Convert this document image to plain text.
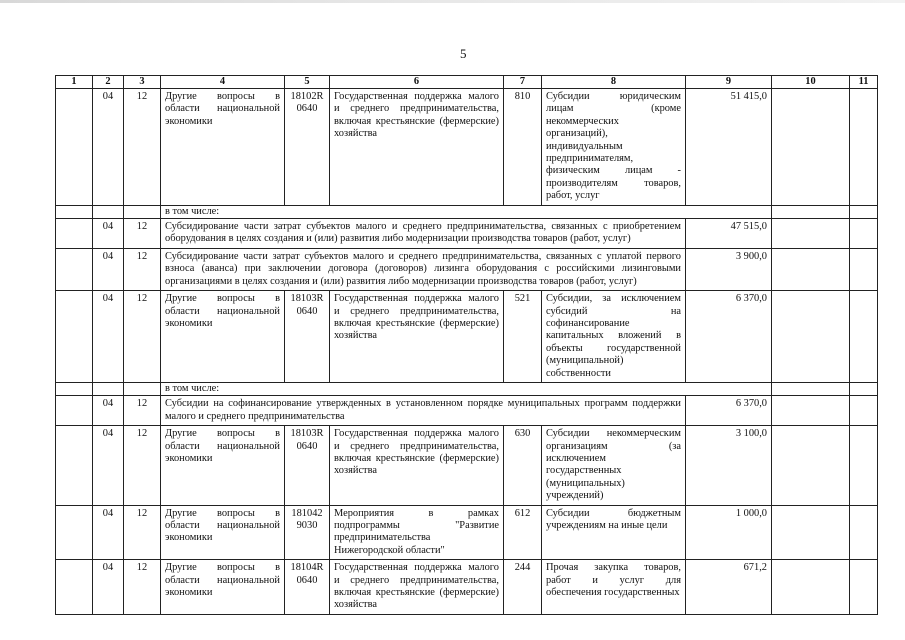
5
1	2	3	4	5	6	7	8	9	10	11
	04	12	Другие вопросы в области национальной экономики	18102R 0640	Государственная поддержка малого и среднего предпринимательства, включая крестьянские (фермерские) хозяйства	810	Субсидии юридическим лицам (кроме некоммерческих организаций), индивидуальным предпринимателям, физическим лицам - производителям товаров, работ, услуг	51 415,0		
			в том числе:							
	04	12	Субсидирование части затрат субъектов малого и среднего предпринимательства, связанных с приобретением оборудования в целях создания и (или) развития либо модернизации производства товаров (работ, услуг)					47 515,0		
	04	12	Субсидирование части затрат субъектов малого и среднего предпринимательства, связанных с уплатой первого взноса (аванса) при заключении договора (договоров) лизинга оборудования с российскими лизинговыми организациями в целях создания и (или) развития либо модернизации производства товаров (работ, услуг)					3 900,0		
	04	12	Другие вопросы в области национальной экономики	18103R 0640	Государственная поддержка малого и среднего предпринимательства, включая крестьянские (фермерские) хозяйства	521	Субсидии, за исключением субсидий на софинансирование капитальных вложений в объекты государственной (муниципальной) собственности	6 370,0		
			в том числе:							
	04	12	Субсидии на софинансирование утвержденных в установленном порядке муниципальных программ поддержки малого и среднего предпринимательства					6 370,0		
	04	12	Другие вопросы в области национальной экономики	18103R 0640	Государственная поддержка малого и среднего предпринимательства, включая крестьянские (фермерские) хозяйства	630	Субсидии некоммерческим организациям (за исключением государственных (муниципальных) учреждений)	3 100,0		
	04	12	Другие вопросы в области национальной экономики	181042 9030	Мероприятия в рамках подпрограммы "Развитие предпринимательства Нижегородской области"	612	Субсидии бюджетным учреждениям на иные цели	1 000,0		
	04	12	Другие вопросы в области национальной экономики	18104R 0640	Государственная поддержка малого и среднего предпринимательства, включая крестьянские (фермерские) хозяйства	244	Прочая закупка товаров, работ и услуг для обеспечения государственных	671,2		
